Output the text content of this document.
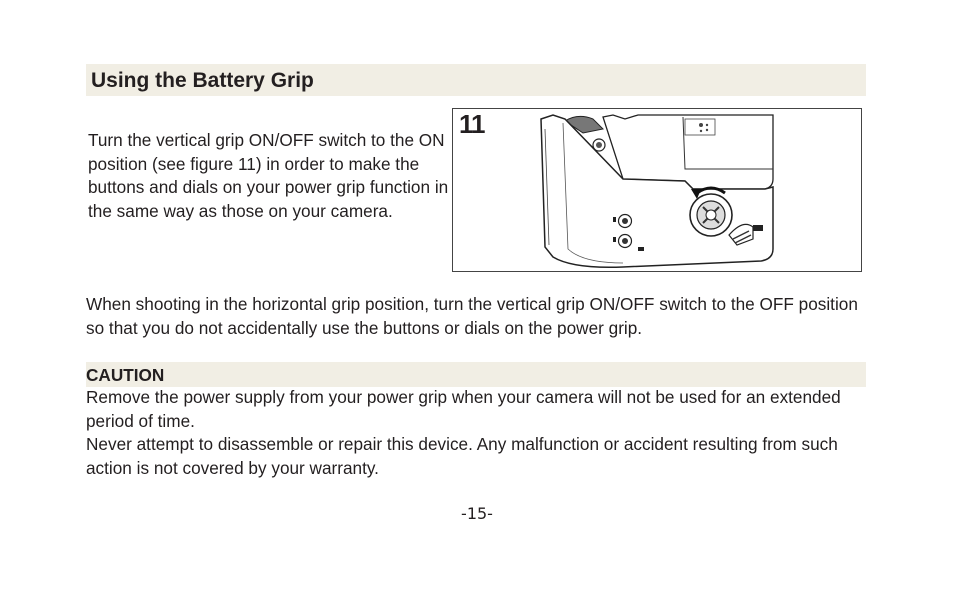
Using the Battery Grip
Turn the vertical grip ON/OFF switch to the ON position (see figure 11) in order to make the buttons and dials on your power grip function in the same way as those on your camera.
11
When shooting in the horizontal grip position, turn the vertical grip ON/OFF switch to the OFF position so that you do not accidentally use the buttons or dials on the power grip.
CAUTION
Remove the power supply from your power grip when your camera will not be used for an extended period of time.
Never attempt to disassemble or repair this device. Any malfunction or accident resulting from such action is not covered by your warranty.
-15-
